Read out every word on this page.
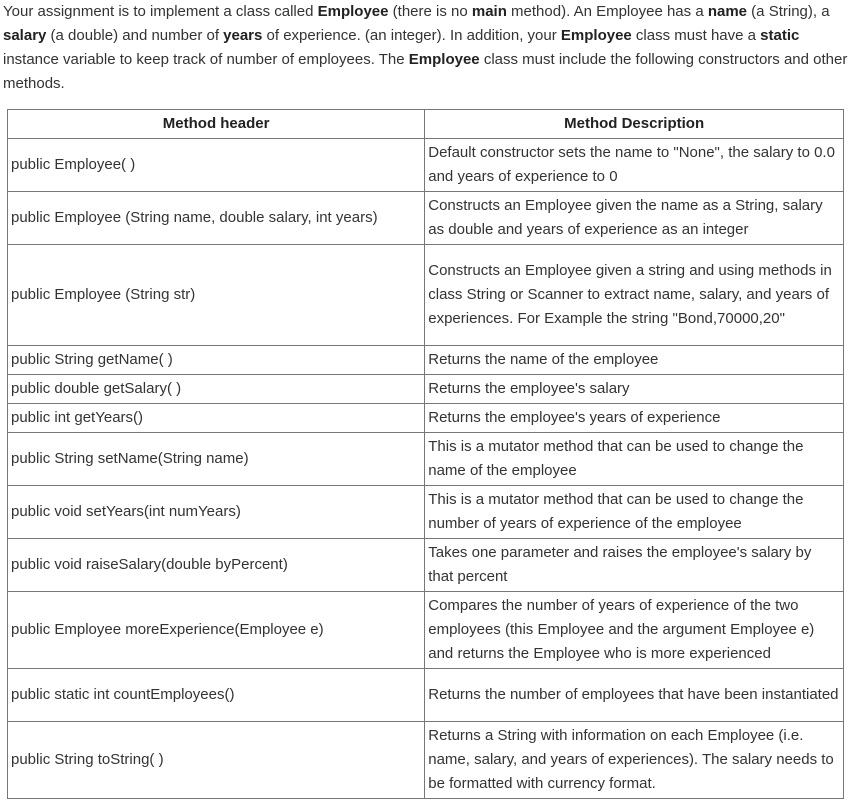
Your assignment is to implement a class called Employee (there is no main method). An Employee has a name (a String), a salary (a double) and number of years of experience. (an integer). In addition, your Employee class must have a static instance variable to keep track of number of employees. The Employee class must include the following constructors and other methods.

Method header	Method Description
public Employee( )	Default constructor sets the name to "None", the salary to 0.0 and years of experience to 0
public Employee (String name, double salary, int years)	Constructs an Employee given the name as a String, salary as double and years of experience as an integer
public Employee (String str)	Constructs an Employee given a string and using methods in class String or Scanner to extract name, salary, and years of experiences. For Example the string "Bond,70000,20"
public String getName( )	Returns the name of the employee
public double getSalary( )	Returns the employee's salary
public int getYears()	Returns the employee's years of experience
public String setName(String name)	This is a mutator method that can be used to change the name of the employee
public void setYears(int numYears)	This is a mutator method that can be used to change the number of years of experience of the employee
public void raiseSalary(double byPercent)	Takes one parameter and raises the employee's salary by that percent
public Employee moreExperience(Employee e)	Compares the number of years of experience of the two employees (this Employee and the argument Employee e) and returns the Employee who is more experienced
public static int countEmployees()	Returns the number of employees that have been instantiated
public String toString( )	Returns a String with information on each Employee (i.e. name, salary, and years of experiences). The salary needs to be formatted with currency format.
